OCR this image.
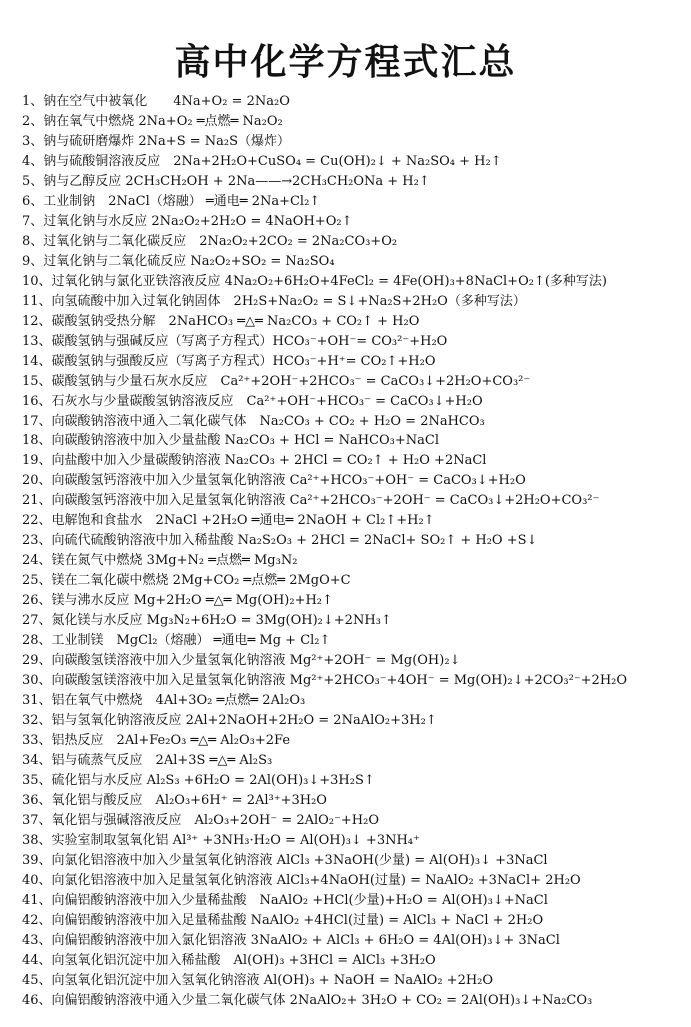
高中化学方程式汇总
1、钠在空气中被氧化　　4Na+O₂ = 2Na₂O
2、钠在氧气中燃烧 2Na+O₂ ═点燃═ Na₂O₂
3、钠与硫研磨爆炸 2Na+S = Na₂S（爆炸）
4、钠与硫酸铜溶液反应　2Na+2H₂O+CuSO₄ = Cu(OH)₂↓ + Na₂SO₄ + H₂↑
5、钠与乙醇反应 2CH₃CH₂OH + 2Na——→2CH₃CH₂ONa + H₂↑
6、工业制钠　2NaCl（熔融） ═通电═ 2Na+Cl₂↑
7、过氧化钠与水反应 2Na₂O₂+2H₂O = 4NaOH+O₂↑
8、过氧化钠与二氧化碳反应　2Na₂O₂+2CO₂ = 2Na₂CO₃+O₂
9、过氧化钠与二氧化硫反应 Na₂O₂+SO₂ = Na₂SO₄
10、过氧化钠与氯化亚铁溶液反应 4Na₂O₂+6H₂O+4FeCl₂ = 4Fe(OH)₃+8NaCl+O₂↑(多种写法)
11、向氢硫酸中加入过氧化钠固体　2H₂S+Na₂O₂ = S↓+Na₂S+2H₂O（多种写法）
12、碳酸氢钠受热分解　2NaHCO₃ ═△═ Na₂CO₃ + CO₂↑ + H₂O
13、碳酸氢钠与强碱反应（写离子方程式）HCO₃⁻+OH⁻= CO₃²⁻+H₂O
14、碳酸氢钠与强酸反应（写离子方程式）HCO₃⁻+H⁺= CO₂↑+H₂O
15、碳酸氢钠与少量石灰水反应　Ca²⁺+2OH⁻+2HCO₃⁻ = CaCO₃↓+2H₂O+CO₃²⁻
16、石灰水与少量碳酸氢钠溶液反应　Ca²⁺+OH⁻+HCO₃⁻ = CaCO₃↓+H₂O
17、向碳酸钠溶液中通入二氧化碳气体　Na₂CO₃ + CO₂ + H₂O = 2NaHCO₃
18、向碳酸钠溶液中加入少量盐酸 Na₂CO₃ + HCl = NaHCO₃+NaCl
19、向盐酸中加入少量碳酸钠溶液 Na₂CO₃ + 2HCl = CO₂↑ + H₂O +2NaCl
20、向碳酸氢钙溶液中加入少量氢氧化钠溶液 Ca²⁺+HCO₃⁻+OH⁻ = CaCO₃↓+H₂O
21、向碳酸氢钙溶液中加入足量氢氧化钠溶液 Ca²⁺+2HCO₃⁻+2OH⁻ = CaCO₃↓+2H₂O+CO₃²⁻
22、电解饱和食盐水　2NaCl +2H₂O ═通电═ 2NaOH + Cl₂↑+H₂↑
23、向硫代硫酸钠溶液中加入稀盐酸 Na₂S₂O₃ + 2HCl = 2NaCl+ SO₂↑ + H₂O +S↓
24、镁在氮气中燃烧 3Mg+N₂ ═点燃═ Mg₃N₂
25、镁在二氧化碳中燃烧 2Mg+CO₂ ═点燃═ 2MgO+C
26、镁与沸水反应 Mg+2H₂O ═△═ Mg(OH)₂+H₂↑
27、氮化镁与水反应 Mg₃N₂+6H₂O = 3Mg(OH)₂↓+2NH₃↑
28、工业制镁　MgCl₂（熔融） ═通电═ Mg + Cl₂↑
29、向碳酸氢镁溶液中加入少量氢氧化钠溶液 Mg²⁺+2OH⁻ = Mg(OH)₂↓
30、向碳酸氢镁溶液中加入足量氢氧化钠溶液 Mg²⁺+2HCO₃⁻+4OH⁻ = Mg(OH)₂↓+2CO₃²⁻+2H₂O
31、铝在氧气中燃烧　4Al+3O₂ ═点燃═ 2Al₂O₃
32、铝与氢氧化钠溶液反应 2Al+2NaOH+2H₂O = 2NaAlO₂+3H₂↑
33、铝热反应　2Al+Fe₂O₃ ═△═ Al₂O₃+2Fe
34、铝与硫蒸气反应　2Al+3S ═△═ Al₂S₃
35、硫化铝与水反应 Al₂S₃ +6H₂O = 2Al(OH)₃↓+3H₂S↑
36、氧化铝与酸反应　Al₂O₃+6H⁺ = 2Al³⁺+3H₂O
37、氧化铝与强碱溶液反应　Al₂O₃+2OH⁻ = 2AlO₂⁻+H₂O
38、实验室制取氢氧化铝 Al³⁺ +3NH₃·H₂O = Al(OH)₃↓ +3NH₄⁺
39、向氯化铝溶液中加入少量氢氧化钠溶液 AlCl₃ +3NaOH(少量) = Al(OH)₃↓ +3NaCl
40、向氯化铝溶液中加入足量氢氧化钠溶液 AlCl₃+4NaOH(过量) = NaAlO₂ +3NaCl+ 2H₂O
41、向偏铝酸钠溶液中加入少量稀盐酸　NaAlO₂ +HCl(少量)+H₂O = Al(OH)₃↓+NaCl
42、向偏铝酸钠溶液中加入足量稀盐酸 NaAlO₂ +4HCl(过量) = AlCl₃ + NaCl + 2H₂O
43、向偏铝酸钠溶液中加入氯化铝溶液 3NaAlO₂ + AlCl₃ + 6H₂O = 4Al(OH)₃↓+ 3NaCl
44、向氢氧化铝沉淀中加入稀盐酸　Al(OH)₃ +3HCl = AlCl₃ +3H₂O
45、向氢氧化铝沉淀中加入氢氧化钠溶液 Al(OH)₃ + NaOH = NaAlO₂ +2H₂O
46、向偏铝酸钠溶液中通入少量二氧化碳气体 2NaAlO₂+ 3H₂O + CO₂ = 2Al(OH)₃↓+Na₂CO₃
